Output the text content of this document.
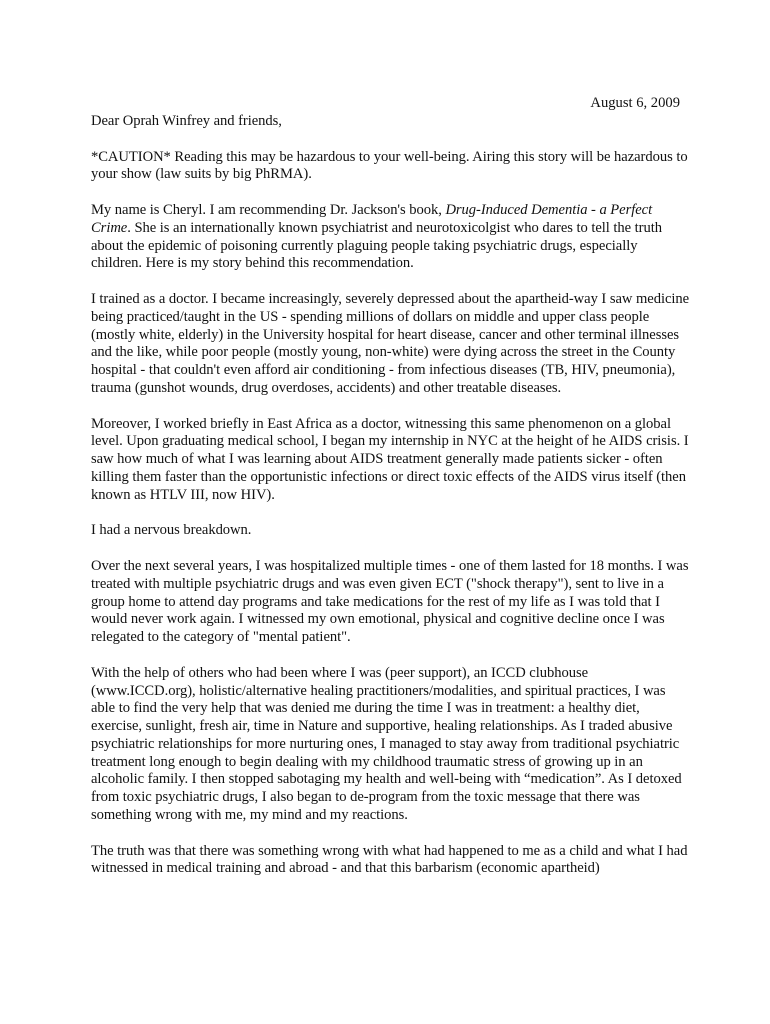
August 6, 2009

Dear Oprah Winfrey and friends,

*CAUTION* Reading this may be hazardous to your well-being. Airing this story will be hazardous to your show (law suits by big PhRMA).

My name is Cheryl. I am recommending Dr. Jackson's book, Drug-Induced Dementia - a Perfect Crime. She is an internationally known psychiatrist and neurotoxicolgist who dares to tell the truth about the epidemic of poisoning currently plaguing people taking psychiatric drugs, especially children. Here is my story behind this recommendation.

I trained as a doctor. I became increasingly, severely depressed about the apartheid-way I saw medicine being practiced/taught in the US - spending millions of dollars on middle and upper class people (mostly white, elderly) in the University hospital for heart disease, cancer and other terminal illnesses and the like, while poor people (mostly young, non-white) were dying across the street in the County hospital - that couldn't even afford air conditioning - from infectious diseases (TB, HIV, pneumonia), trauma (gunshot wounds, drug overdoses, accidents) and other treatable diseases.

Moreover, I worked briefly in East Africa as a doctor, witnessing this same phenomenon on a global level. Upon graduating medical school, I began my internship in NYC at the height of he AIDS crisis. I saw how much of what I was learning about AIDS treatment generally made patients sicker - often killing them faster than the opportunistic infections or direct toxic effects of the AIDS virus itself (then known as HTLV III, now HIV).

I had a nervous breakdown.

Over the next several years, I was hospitalized multiple times - one of them lasted for 18 months. I was treated with multiple psychiatric drugs and was even given ECT ("shock therapy"), sent to live in a group home to attend day programs and take medications for the rest of my life as I was told that I would never work again. I witnessed my own emotional, physical and cognitive decline once I was relegated to the category of "mental patient".

With the help of others who had been where I was (peer support), an ICCD clubhouse (www.ICCD.org), holistic/alternative healing practitioners/modalities, and spiritual practices, I was able to find the very help that was denied me during the time I was in treatment: a healthy diet, exercise, sunlight, fresh air, time in Nature and supportive, healing relationships. As I traded abusive psychiatric relationships for more nurturing ones, I managed to stay away from traditional psychiatric treatment long enough to begin dealing with my childhood traumatic stress of growing up in an alcoholic family. I then stopped sabotaging my health and well-being with “medication”. As I detoxed from toxic psychiatric drugs, I also began to de-program from the toxic message that there was something wrong with me, my mind and my reactions.

The truth was that there was something wrong with what had happened to me as a child and what I had witnessed in medical training and abroad - and that this barbarism (economic apartheid)
